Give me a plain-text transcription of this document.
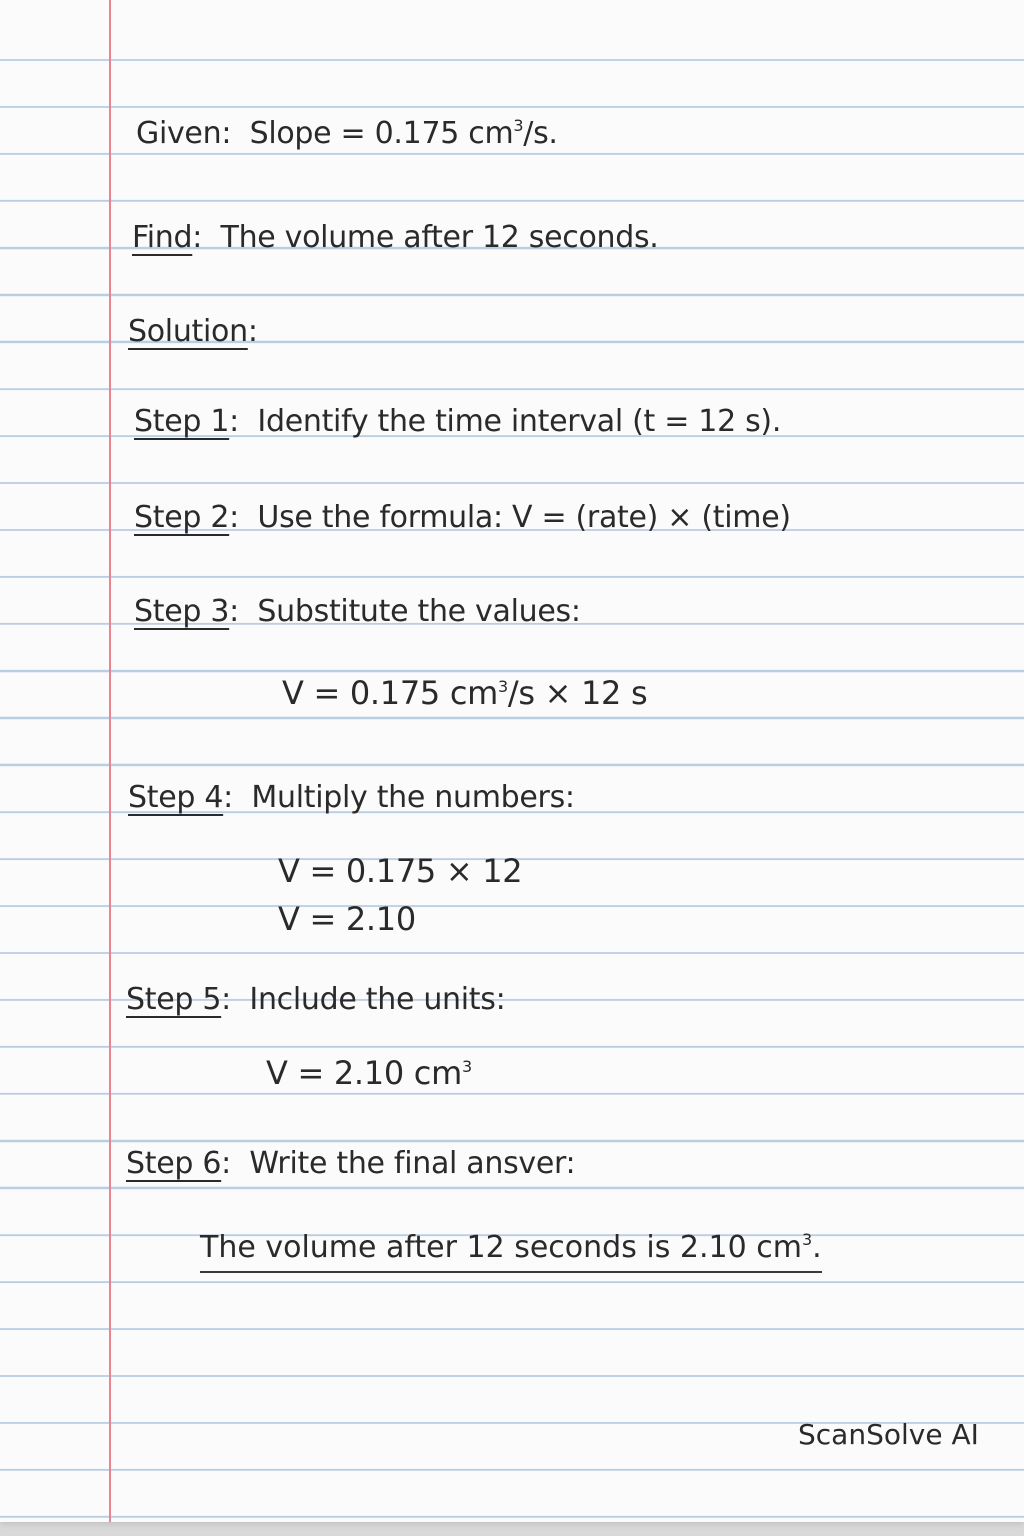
Given:  Slope = 0.175 $cm^3/s$.
Find:  The volume after 12 seconds.
Solution:
Step 1:  Identify the time interval (t = 12 s).
Step 2:  Use the formula: V = (rate) × (time)
Step 3:  Substitute the values:
V = 0.175 $cm^3/s \times 12$ s
Step 4:  Multiply the numbers:
V = 0.175 × 12
V = 2.10
Step 5:  Include the units:
V = 2.10 $cm^3$
Step 6:  Write the final ansver:
The volume after 12 seconds is 2.10 $cm^3$.
ScanSolve AI
